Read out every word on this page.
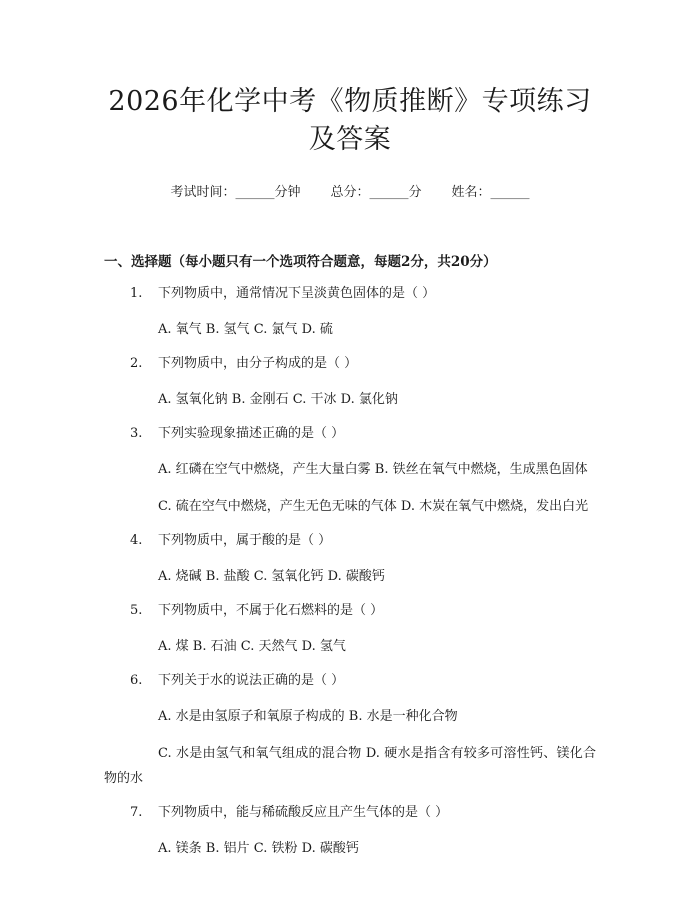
2026年化学中考《物质推断》专项练习及答案
考试时间：______分钟 总分：______分 姓名：______
一、选择题（每小题只有一个选项符合题意，每题2分，共20分）
1.	下列物质中，通常情况下呈淡黄色固体的是（ ）
A. 氧气 B. 氢气 C. 氯气 D. 硫
2.	下列物质中，由分子构成的是（ ）
A. 氢氧化钠 B. 金刚石 C. 干冰 D. 氯化钠
3.	下列实验现象描述正确的是（ ）
A. 红磷在空气中燃烧，产生大量白雾 B. 铁丝在氧气中燃烧，生成黑色固体
C. 硫在空气中燃烧，产生无色无味的气体 D. 木炭在氧气中燃烧，发出白光
4.	下列物质中，属于酸的是（ ）
A. 烧碱 B. 盐酸 C. 氢氧化钙 D. 碳酸钙
5.	下列物质中，不属于化石燃料的是（ ）
A. 煤 B. 石油 C. 天然气 D. 氢气
6.	下列关于水的说法正确的是（ ）
A. 水是由氢原子和氧原子构成的 B. 水是一种化合物
C. 水是由氢气和氧气组成的混合物 D. 硬水是指含有较多可溶性钙、镁化合物的水
7.	下列物质中，能与稀硫酸反应且产生气体的是（ ）
A. 镁条 B. 铝片 C. 铁粉 D. 碳酸钙
